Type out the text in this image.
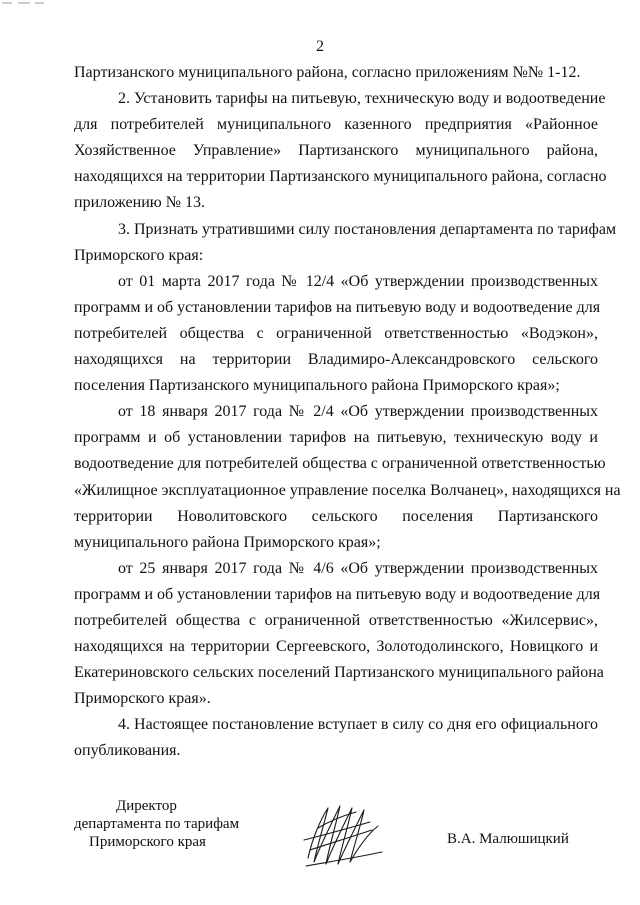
2
Партизанского муниципального района, согласно приложениям №№ 1-12.
2. Установить тарифы на питьевую, техническую воду и водоотведение
для потребителей муниципального казенного предприятия «Районное
Хозяйственное Управление» Партизанского муниципального района,
находящихся на территории Партизанского муниципального района, согласно
приложению № 13.
3. Признать утратившими силу постановления департамента по тарифам
Приморского края:
от 01 марта 2017 года № 12/4 «Об утверждении производственных
программ и об установлении тарифов на питьевую воду и водоотведение для
потребителей общества с ограниченной ответственностью «Водэкон»,
находящихся на территории Владимиро-Александровского сельского
поселения Партизанского муниципального района Приморского края»;
от 18 января 2017 года № 2/4 «Об утверждении производственных
программ и об установлении тарифов на питьевую, техническую воду и
водоотведение для потребителей общества с ограниченной ответственностью
«Жилищное эксплуатационное управление поселка Волчанец», находящихся на
территории Новолитовского сельского поселения Партизанского
муниципального района Приморского края»;
от 25 января 2017 года № 4/6 «Об утверждении производственных
программ и об установлении тарифов на питьевую воду и водоотведение для
потребителей общества с ограниченной ответственностью «Жилсервис»,
находящихся на территории Сергеевского, Золотодолинского, Новицкого и
Екатериновского сельских поселений Партизанского муниципального района
Приморского края».
4. Настоящее постановление вступает в силу со дня его официального
опубликования.
Директор
департамента по тарифам
Приморского края	В.А. Малюшицкий
